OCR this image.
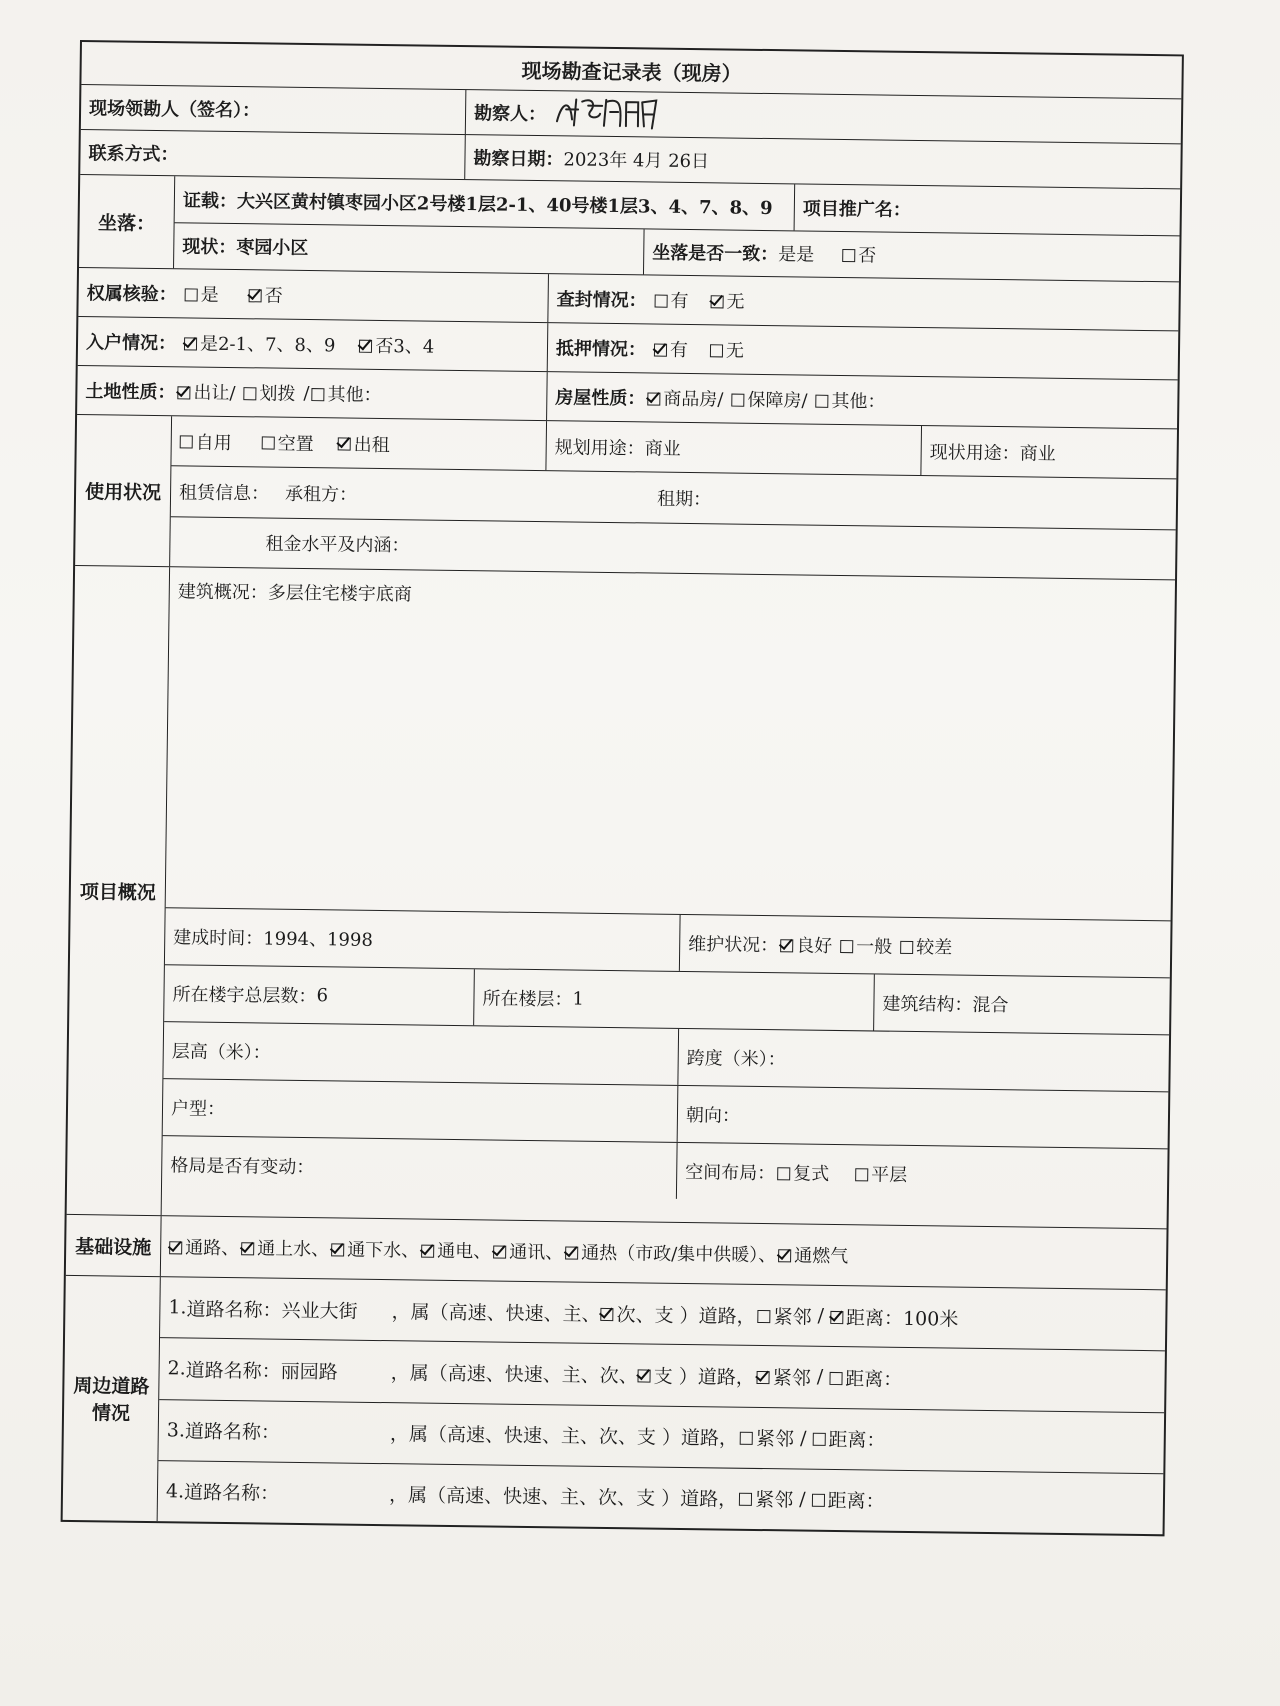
现场勘查记录表（现房）
现场领勘人（签名）：	勘察人：
联系方式：	勘察日期： 2023年 4月 26日
坐落：
证载： 大兴区黄村镇枣园小区2号楼1层2-1、40号楼1层3、4、7、8、9	项目推广名：
现状： 枣园小区	坐落是否一致： 是是 否
权属核验： 是	否	查封情况： 有 无
入户情况： 是2-1、7、8、9 否3、4	抵押情况： 有 无
土地性质： 出让/ 划拨 / 其他：	房屋性质： 商品房/ 保障房/ 其他：
使用状况
自用	空置 出租	规划用途： 商业	现状用途： 商业
租赁信息： 承租方：	租期：
租金水平及内涵：
项目概况
建筑概况： 多层住宅楼宇底商
建成时间： 1994、1998	维护状况： 良好 一般 较差
所在楼宇总层数： 6	所在楼层： 1	建筑结构： 混合
层高（米）：	跨度（米）：
户型：	朝向：
格局是否有变动：	空间布局： 复式 平层
基础设施	通路、 通上水、 通下水、 通电、 通讯、 通热（市政/集中供暖）、 通燃气
周边道路
情况
1. 道路名称： 兴业大街	，属（高速、快速、主、 次、 支 ） 道路， 紧邻 / 距离： 100米
2. 道路名称： 丽园路	，属（高速、快速、主、 次、 支 ） 道路， 紧邻 / 距离：
3. 道路名称：	，属（高速、快速、主、 次、 支 ） 道路， 紧邻 / 距离：
4. 道路名称：	，属（高速、快速、主、 次、 支 ） 道路， 紧邻 / 距离：
